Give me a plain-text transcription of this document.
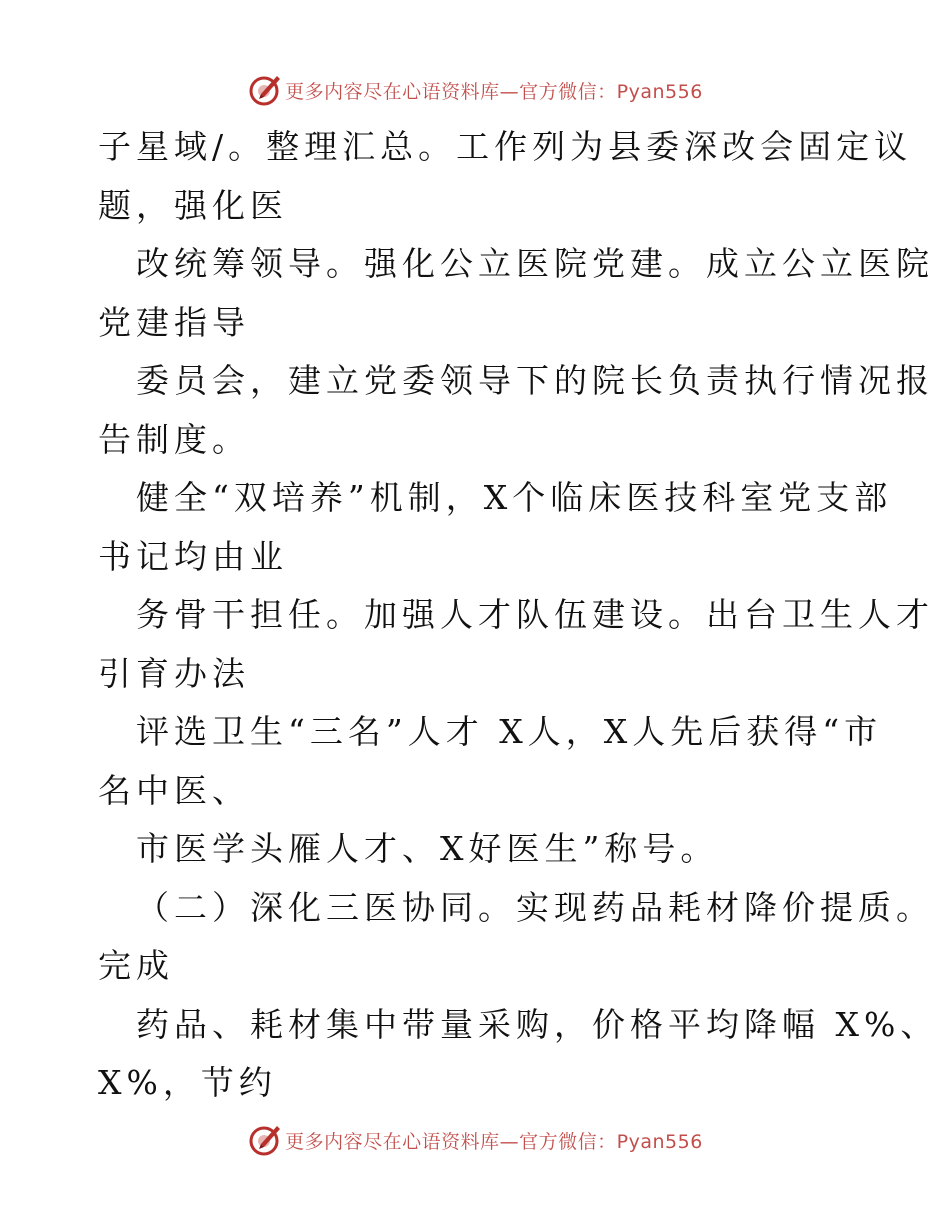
更多内容尽在心语资料库—官方微信：Pyan556

子星域/。整理汇总。工作列为县委深改会固定议
题，强化医

改统筹领导。强化公立医院党建。成立公立医院
党建指导

委员会，建立党委领导下的院长负责执行情况报
告制度。

健全“双培养”机制，X个临床医技科室党支部
书记均由业

务骨干担任。加强人才队伍建设。出台卫生人才
引育办法

评选卫生“三名”人才 X人，X人先后获得“市
名中医、

市医学头雁人才、X好医生”称号。

（二）深化三医协同。实现药品耗材降价提质。
完成

药品、耗材集中带量采购，价格平均降幅 X%、
X%，节约

更多内容尽在心语资料库—官方微信：Pyan556
